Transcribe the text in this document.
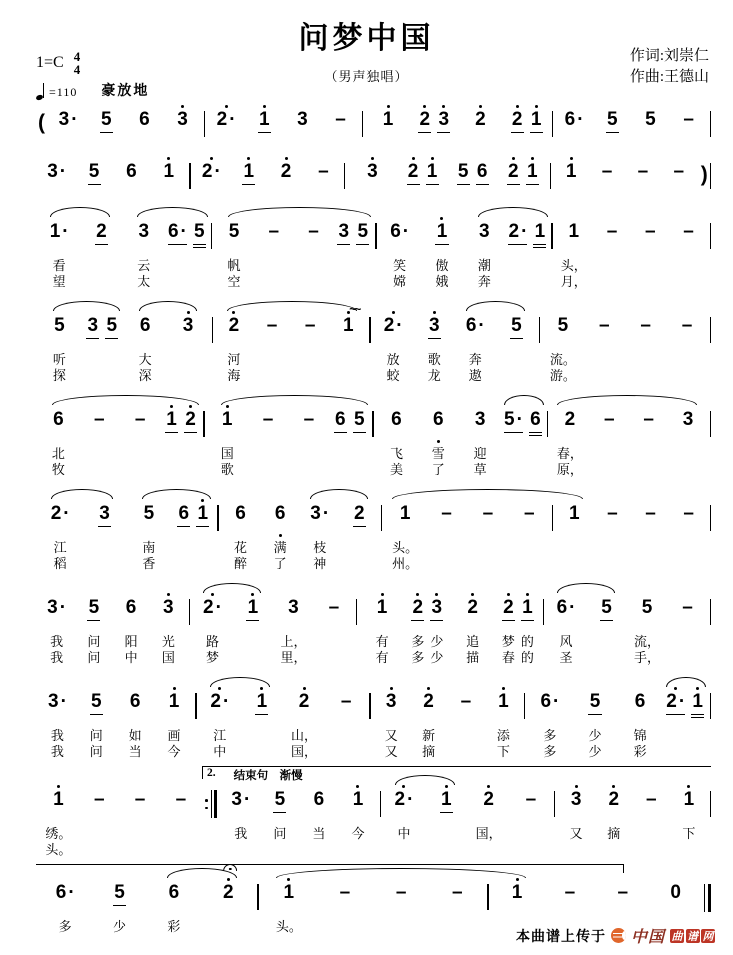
问梦中国
（男声独唱）
作词:刘崇仁
作曲:王德山
1=C 4
4
=110 豪放地
( 3 · 5 6 3 2 · 1 3 – 1 2 3 2 2 1 6 · 5 5 –
3 · 5 6 1 2 · 1 2 – 3 2 1 5 6 2 1 1 – – – )
1 ·
看
望
2

3
云
太
6 ·

5

5
帆
空
–

–

3

5

6 ·
笑
嫦
1
傲
娥
3
潮
奔
2 ·

1

1
头，
月，
–

–

–

5
听
探
3

5

6
大
深
3

2
河
海
–

–

1
~~

2 ·
放
蛟
3
歌
龙
6 ·
奔
遨
5

5
流。
游。
–

–

–

6
北
牧
–

–

1

2

1
国
歌
–

–

6

5

6
飞
美
6
雪
了
3
迎
草
5 ·

6

2
春，
原，
–

–

3

2 ·
江
稻
3

5
南
香
6

1

6
花
醉
6
满
了
3 ·
枝
神
2

1
头。
州。
–

–

–

1

–

–

–

3 ·
我
我
5
问
问
6
阳
中
3
光
国
2 ·
路
梦
1

3
上，
里，
–

1
有
有
2
多
多
3
少
少
2
追
描
2
梦
春
1
的
的
6 ·
风
圣
5

5
流，
手，
–

3 ·
我
我
5
问
问
6
如
当
1
画
今
2 ·
江
中
1

2
山，
国，
–

3
又
又
2
新
摘
–

1
添
下
6 ·
多
多
5
少
少
6
锦
彩
2 ·

1

1
绣。
头。
–

–

–

3 ·
我

5
问

6
当

1
今

2 ·
中

1

2
国，

–

3
又

2
摘

–

1
下

2. 结束句　渐慢
6 ·
多
5
少
6
彩
2
	1
头。
–
–
–
	1
–
–
0

本曲谱上传于 中国 曲 谱 网
